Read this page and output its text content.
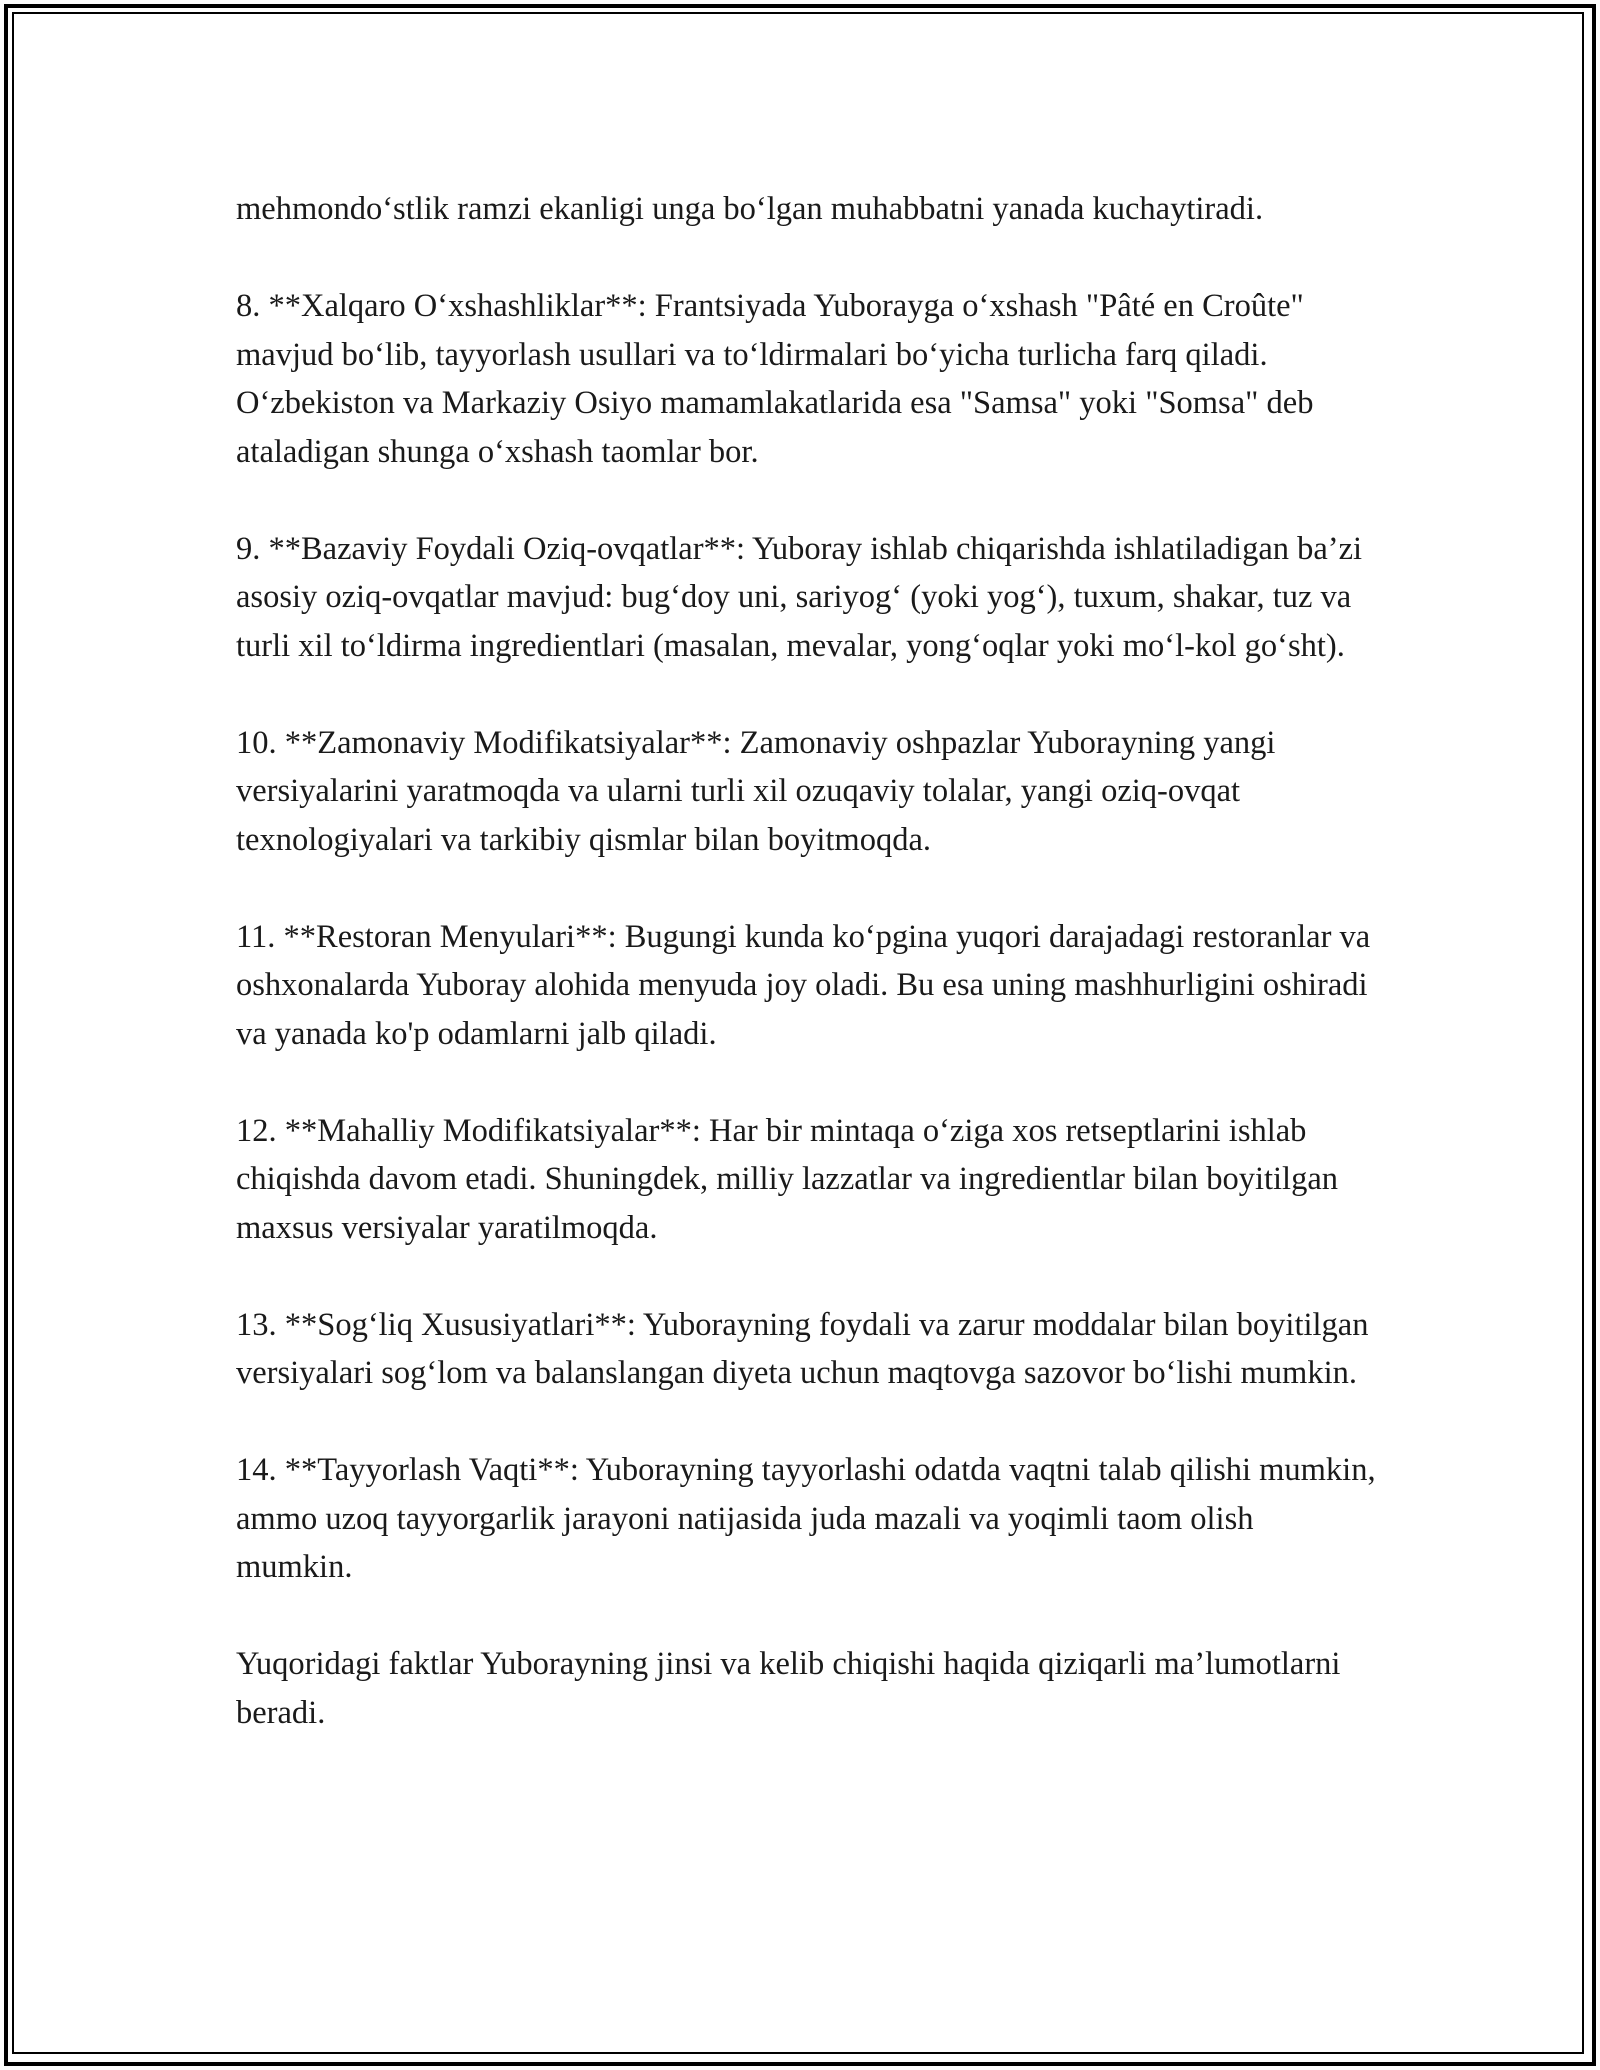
mehmondo‘stlik ramzi ekanligi unga bo‘lgan muhabbatni yanada kuchaytiradi.

8. **Xalqaro O‘xshashliklar**: Frantsiyada Yuborayga o‘xshash "Pâté en Croûte" mavjud bo‘lib, tayyorlash usullari va to‘ldirmalari bo‘yicha turlicha farq qiladi. O‘zbekiston va Markaziy Osiyo mamamlakatlarida esa "Samsa" yoki "Somsa" deb ataladigan shunga o‘xshash taomlar bor.

9. **Bazaviy Foydali Oziq-ovqatlar**: Yuboray ishlab chiqarishda ishlatiladigan ba’zi asosiy oziq-ovqatlar mavjud: bug‘doy uni, sariyog‘ (yoki yog‘), tuxum, shakar, tuz va turli xil to‘ldirma ingredientlari (masalan, mevalar, yong‘oqlar yoki mo‘l-kol go‘sht).

10. **Zamonaviy Modifikatsiyalar**: Zamonaviy oshpazlar Yuborayning yangi versiyalarini yaratmoqda va ularni turli xil ozuqaviy tolalar, yangi oziq-ovqat texnologiyalari va tarkibiy qismlar bilan boyitmoqda.

11. **Restoran Menyulari**: Bugungi kunda ko‘pgina yuqori darajadagi restoranlar va oshxonalarda Yuboray alohida menyuda joy oladi. Bu esa uning mashhurligini oshiradi va yanada ko'p odamlarni jalb qiladi.

12. **Mahalliy Modifikatsiyalar**: Har bir mintaqa o‘ziga xos retseptlarini ishlab chiqishda davom etadi. Shuningdek, milliy lazzatlar va ingredientlar bilan boyitilgan maxsus versiyalar yaratilmoqda.

13. **Sog‘liq Xususiyatlari**: Yuborayning foydali va zarur moddalar bilan boyitilgan versiyalari sog‘lom va balanslangan diyeta uchun maqtovga sazovor bo‘lishi mumkin.

14. **Tayyorlash Vaqti**: Yuborayning tayyorlashi odatda vaqtni talab qilishi mumkin, ammo uzoq tayyorgarlik jarayoni natijasida juda mazali va yoqimli taom olish mumkin.

Yuqoridagi faktlar Yuborayning jinsi va kelib chiqishi haqida qiziqarli ma’lumotlarni beradi.
